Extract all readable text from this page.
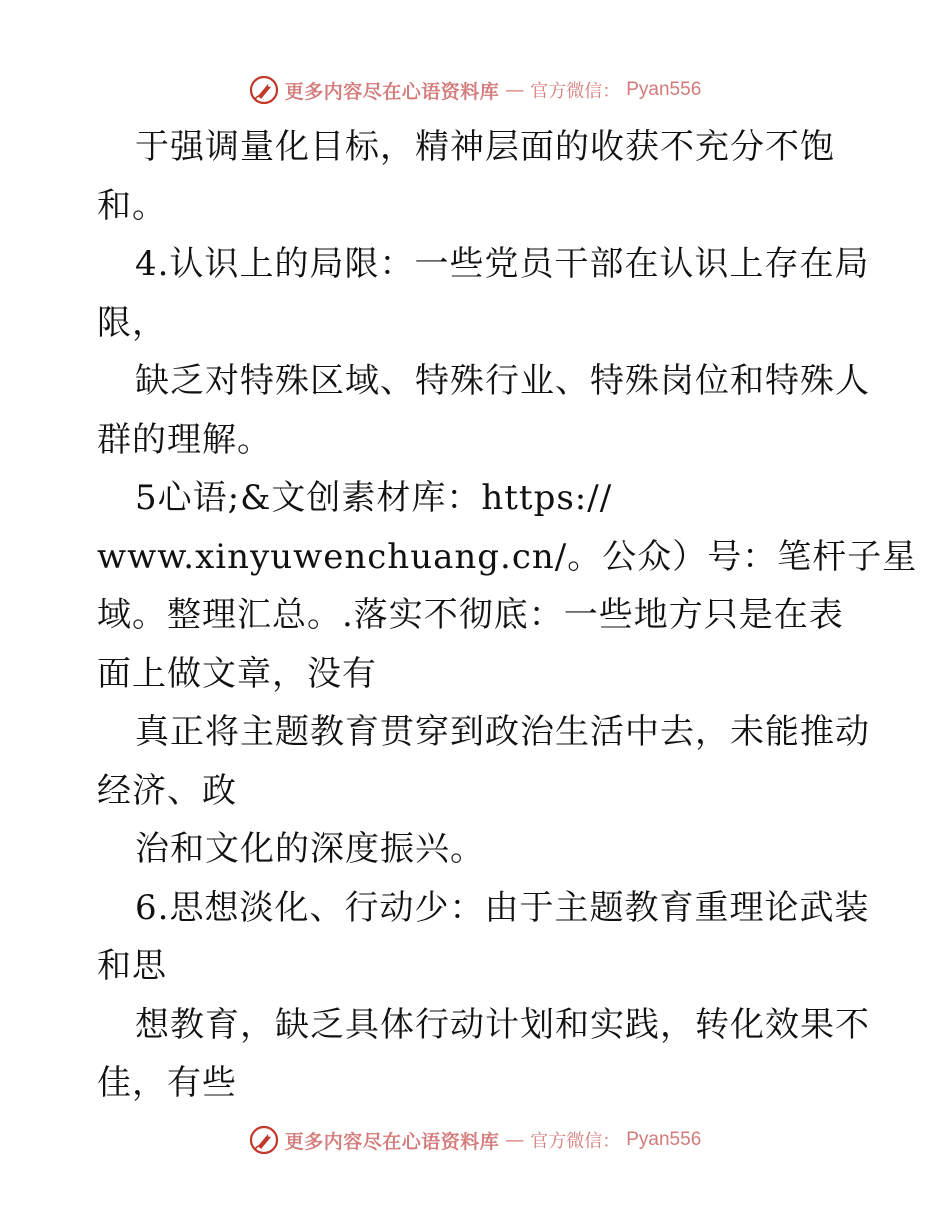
更多内容尽在心语资料库 — 官方微信： Pyan556
于强调量化目标，精神层面的收获不充分不饱
和。
4.认识上的局限：一些党员干部在认识上存在局
限，
缺乏对特殊区域、特殊行业、特殊岗位和特殊人
群的理解。
5心语;&文创素材库：https://
www.xinyuwenchuang.cn/。公众）号：笔杆子星
域。整理汇总。.落实不彻底：一些地方只是在表
面上做文章，没有
真正将主题教育贯穿到政治生活中去，未能推动
经济、政
治和文化的深度振兴。
6.思想淡化、行动少：由于主题教育重理论武装
和思
想教育，缺乏具体行动计划和实践，转化效果不
佳，有些
更多内容尽在心语资料库 — 官方微信： Pyan556
